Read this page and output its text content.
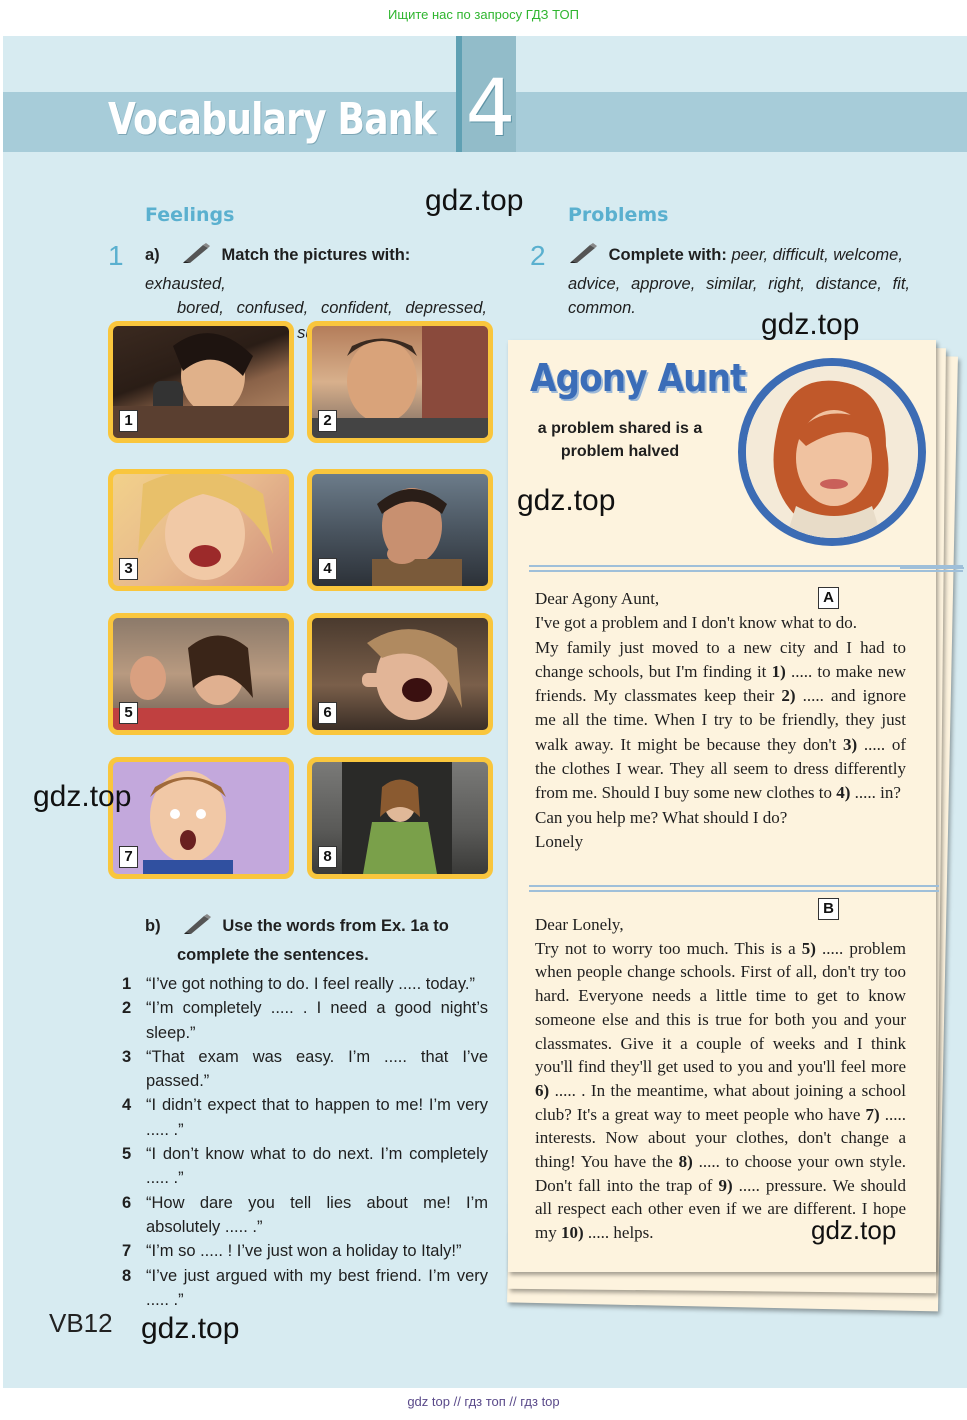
Ищите нас по запросу ГДЗ ТОП
Vocabulary Bank 4
Feelings	gdz.top
1 a)	Match the pictures with: exhausted,
bored, confused, confident, depressed,
1	2
3	4
5	6
7	8
gdz.top
b)	Use the words from Ex. 1a to
complete the sentences.
1 “I’ve got nothing to do. I feel really ..... today.”
2 “I’m completely ..... . I need a good night’s sleep.”
3 “That exam was easy. I’m ..... that I’ve passed.”
4 “I didn’t expect that to happen to me! I’m very ..... .”
5 “I don’t know what to do next. I’m completely ..... .”
6 “How dare you tell lies about me! I’m absolutely ..... .”
7 “I’m so ..... ! I’ve just won a holiday to Italy!”
8 “I’ve just argued with my best friend. I’m very ..... .”
VB12 gdz.top
Problems
2	Complete with: peer, difficult, welcome,
advice, approve, similar, right, distance, fit,
common.	gdz.top
Agony Aunt
a problem shared is a
problem halved
gdz.top
A

Dear Agony Aunt,

I've got a problem and I don't know what to do.

My family just moved to a new city and I had to change schools, but I'm finding it 1) ..... to make new friends. My classmates keep their 2) ..... and ignore me all the time. When I try to be friendly, they just walk away. It might be because they don't 3) ..... of the clothes I wear. They all seem to dress differently from me. Should I buy some new clothes to 4) ..... in?

Can you help me? What should I do?

Lonely

B

Dear Lonely,

Try not to worry too much. This is a 5) ..... problem when people change schools. First of all, don't try too hard. Everyone needs a little time to get to know someone else and this is true for both you and your classmates. Give it a couple of weeks and I think you'll find they'll get used to you and you'll feel more 6) ..... . In the meantime, what about joining a school club? It's a great way to meet people who have 7) ..... interests. Now about your clothes, don't change a thing! You have the 8) ..... to choose your own style. Don't fall into the trap of 9) ..... pressure. We should all respect each other even if we are different. I hope my 10) ..... helps.	gdz.top
gdz top // гдз топ // гдз top
